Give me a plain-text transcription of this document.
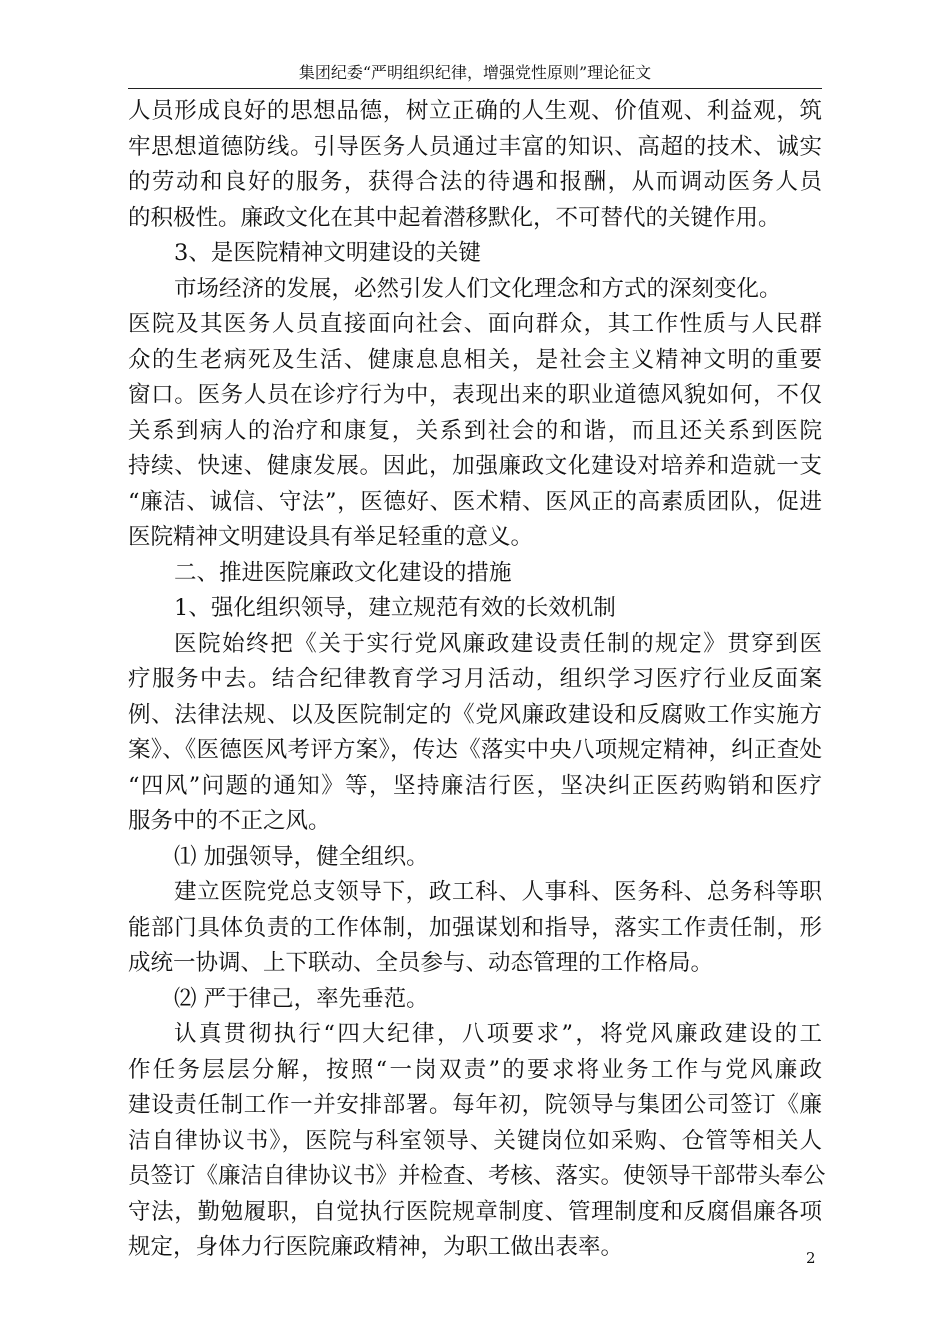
集团纪委“严明组织纪律，增强党性原则”理论征文
人员形成良好的思想品德，树立正确的人生观、价值观、利益观，筑
牢思想道德防线。引导医务人员通过丰富的知识、高超的技术、诚实
的劳动和良好的服务，获得合法的待遇和报酬，从而调动医务人员
的积极性。廉政文化在其中起着潜移默化，不可替代的关键作用。
3、是医院精神文明建设的关键
市场经济的发展，必然引发人们文化理念和方式的深刻变化。
医院及其医务人员直接面向社会、面向群众，其工作性质与人民群
众的生老病死及生活、健康息息相关，是社会主义精神文明的重要
窗口。医务人员在诊疗行为中，表现出来的职业道德风貌如何，不仅
关系到病人的治疗和康复，关系到社会的和谐，而且还关系到医院
持续、快速、健康发展。因此，加强廉政文化建设对培养和造就一支
“廉洁、诚信、守法”，医德好、医术精、医风正的高素质团队，促进
医院精神文明建设具有举足轻重的意义。
二、推进医院廉政文化建设的措施
1、强化组织领导，建立规范有效的长效机制
医院始终把《关于实行党风廉政建设责任制的规定》贯穿到医
疗服务中去。结合纪律教育学习月活动，组织学习医疗行业反面案
例、法律法规、以及医院制定的《党风廉政建设和反腐败工作实施方
案》、《医德医风考评方案》，传达《落实中央八项规定精神，纠正查处
“四风”问题的通知》等，坚持廉洁行医，坚决纠正医药购销和医疗
服务中的不正之风。
⑴ 加强领导，健全组织。
建立医院党总支领导下，政工科、人事科、医务科、总务科等职
能部门具体负责的工作体制，加强谋划和指导，落实工作责任制，形
成统一协调、上下联动、全员参与、动态管理的工作格局。
⑵ 严于律己，率先垂范。
认真贯彻执行“四大纪律，八项要求”，将党风廉政建设的工
作任务层层分解，按照“一岗双责”的要求将业务工作与党风廉政
建设责任制工作一并安排部署。每年初，院领导与集团公司签订《廉
洁自律协议书》，医院与科室领导、关键岗位如采购、仓管等相关人
员签订《廉洁自律协议书》并检查、考核、落实。使领导干部带头奉公
守法，勤勉履职，自觉执行医院规章制度、管理制度和反腐倡廉各项
规定，身体力行医院廉政精神，为职工做出表率。	2
